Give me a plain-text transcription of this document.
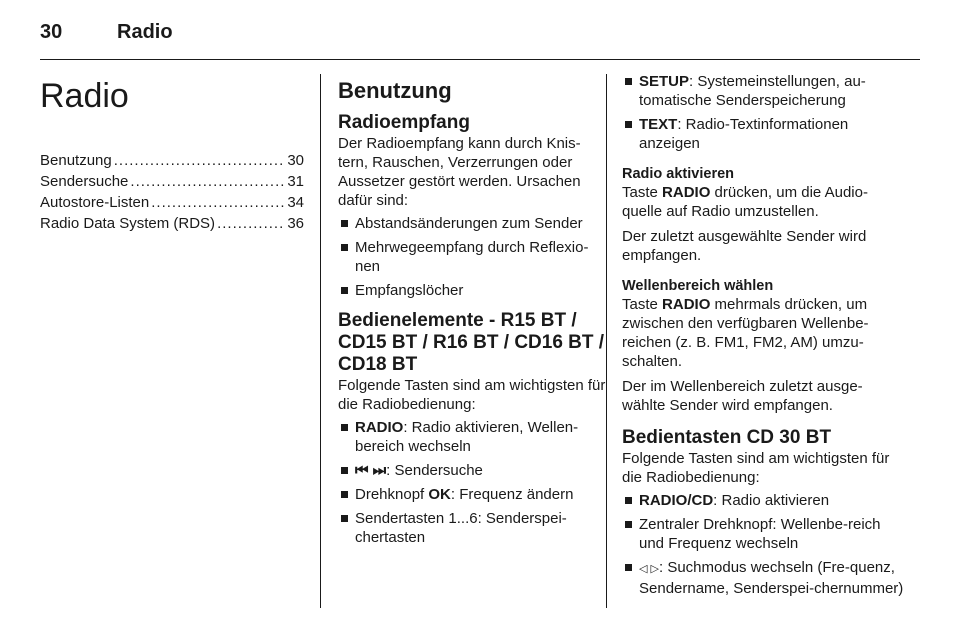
30	Radio
Radio
Benutzung .....	30
Sendersuche .....	31
Autostore-Listen .....	34
Radio Data System (RDS) .....	36
Benutzung
Radioempfang

Der Radioempfang kann durch Knis-tern, Rauschen, Verzerrungen oder Aussetzer gestört werden. Ursachen dafür sind:

Abstandsänderungen zum Sender
Mehrwegeempfang durch Reflexio-nen
Empfangslöcher
Bedienelemente - R15 BT / CD15 BT / R16 BT / CD16 BT / CD18 BT

Folgende Tasten sind am wichtigsten für die Radiobedienung:

RADIO: Radio aktivieren, Wellen-bereich wechseln
⏮ ⏭: Sendersuche
Drehknopf OK: Frequenz ändern
Sendertasten 1...6: Senderspei-chertasten
SETUP: Systemeinstellungen, au-tomatische Senderspeicherung
TEXT: Radio-Textinformationen anzeigen
Radio aktivieren

Taste RADIO drücken, um die Audio-quelle auf Radio umzustellen.

Der zuletzt ausgewählte Sender wird empfangen.

Wellenbereich wählen

Taste RADIO mehrmals drücken, um zwischen den verfügbaren Wellenbe-reichen (z. B. FM1, FM2, AM) umzu-schalten.

Der im Wellenbereich zuletzt ausge-wählte Sender wird empfangen.

Bedientasten CD 30 BT

Folgende Tasten sind am wichtigsten für die Radiobedienung:

RADIO/CD: Radio aktivieren
Zentraler Drehknopf: Wellenbe-reich und Frequenz wechseln
◁ ▷: Suchmodus wechseln (Fre-quenz, Sendername, Senderspei-chernummer)
